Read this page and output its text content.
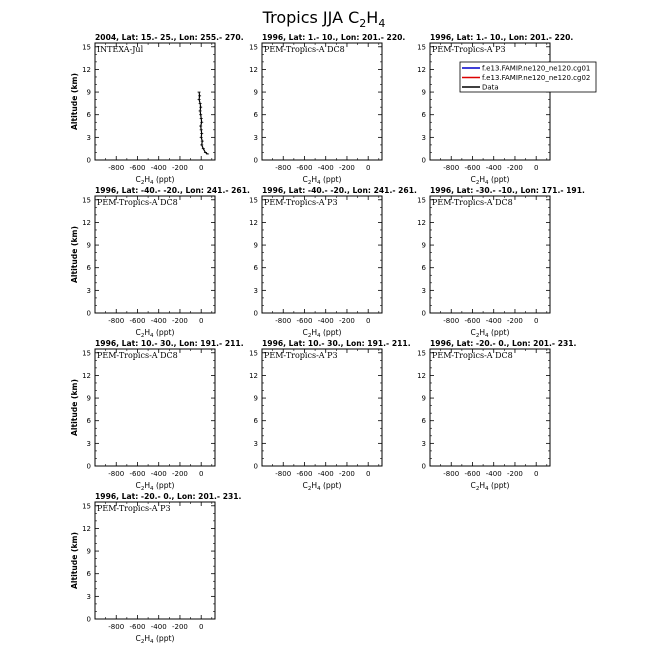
Tropics JJA $C_2H_4$
2004, Lat: 15.- 25., Lon: 255.- 270.
INTEXA-Jul
0
3
6
9
12
15
-800 -600 -400 -200 0
$C_2H_4$ (ppt)
Altitude (km)
1996, Lat: 1.- 10., Lon: 201.- 220.
PEM-Tropics-A DC8
0
3
6
9
12
15
-800 -600 -400 -200 0
$C_2H_4$ (ppt)
1996, Lat: 1.- 10., Lon: 201.- 220.
PEM-Tropics-A P3
0
3
6
9
12
15
-800 -600 -400 -200 0
$C_2H_4$ (ppt)
f.e13.FAMIP.ne120_ne120.cg01
f.e13.FAMIP.ne120_ne120.cg02
Data
1996, Lat: -40.- -20., Lon: 241.- 261.
PEM-Tropics-A DC8
0
3
6
9
12
15
-800 -600 -400 -200 0
$C_2H_4$ (ppt)
Altitude (km)
1996, Lat: -40.- -20., Lon: 241.- 261.
PEM-Tropics-A P3
0
3
6
9
12
15
-800 -600 -400 -200 0
$C_2H_4$ (ppt)
1996, Lat: -30.- -10., Lon: 171.- 191.
PEM-Tropics-A DC8
0
3
6
9
12
15
-800 -600 -400 -200 0
$C_2H_4$ (ppt)
1996, Lat: 10.- 30., Lon: 191.- 211.
PEM-Tropics-A DC8
0
3
6
9
12
15
-800 -600 -400 -200 0
$C_2H_4$ (ppt)
Altitude (km)
1996, Lat: 10.- 30., Lon: 191.- 211.
PEM-Tropics-A P3
0
3
6
9
12
15
-800 -600 -400 -200 0
$C_2H_4$ (ppt)
1996, Lat: -20.- 0., Lon: 201.- 231.
PEM-Tropics-A DC8
0
3
6
9
12
15
-800 -600 -400 -200 0
$C_2H_4$ (ppt)
1996, Lat: -20.- 0., Lon: 201.- 231.
PEM-Tropics-A P3
0
3
6
9
12
15
-800 -600 -400 -200 0
$C_2H_4$ (ppt)
Altitude (km)
